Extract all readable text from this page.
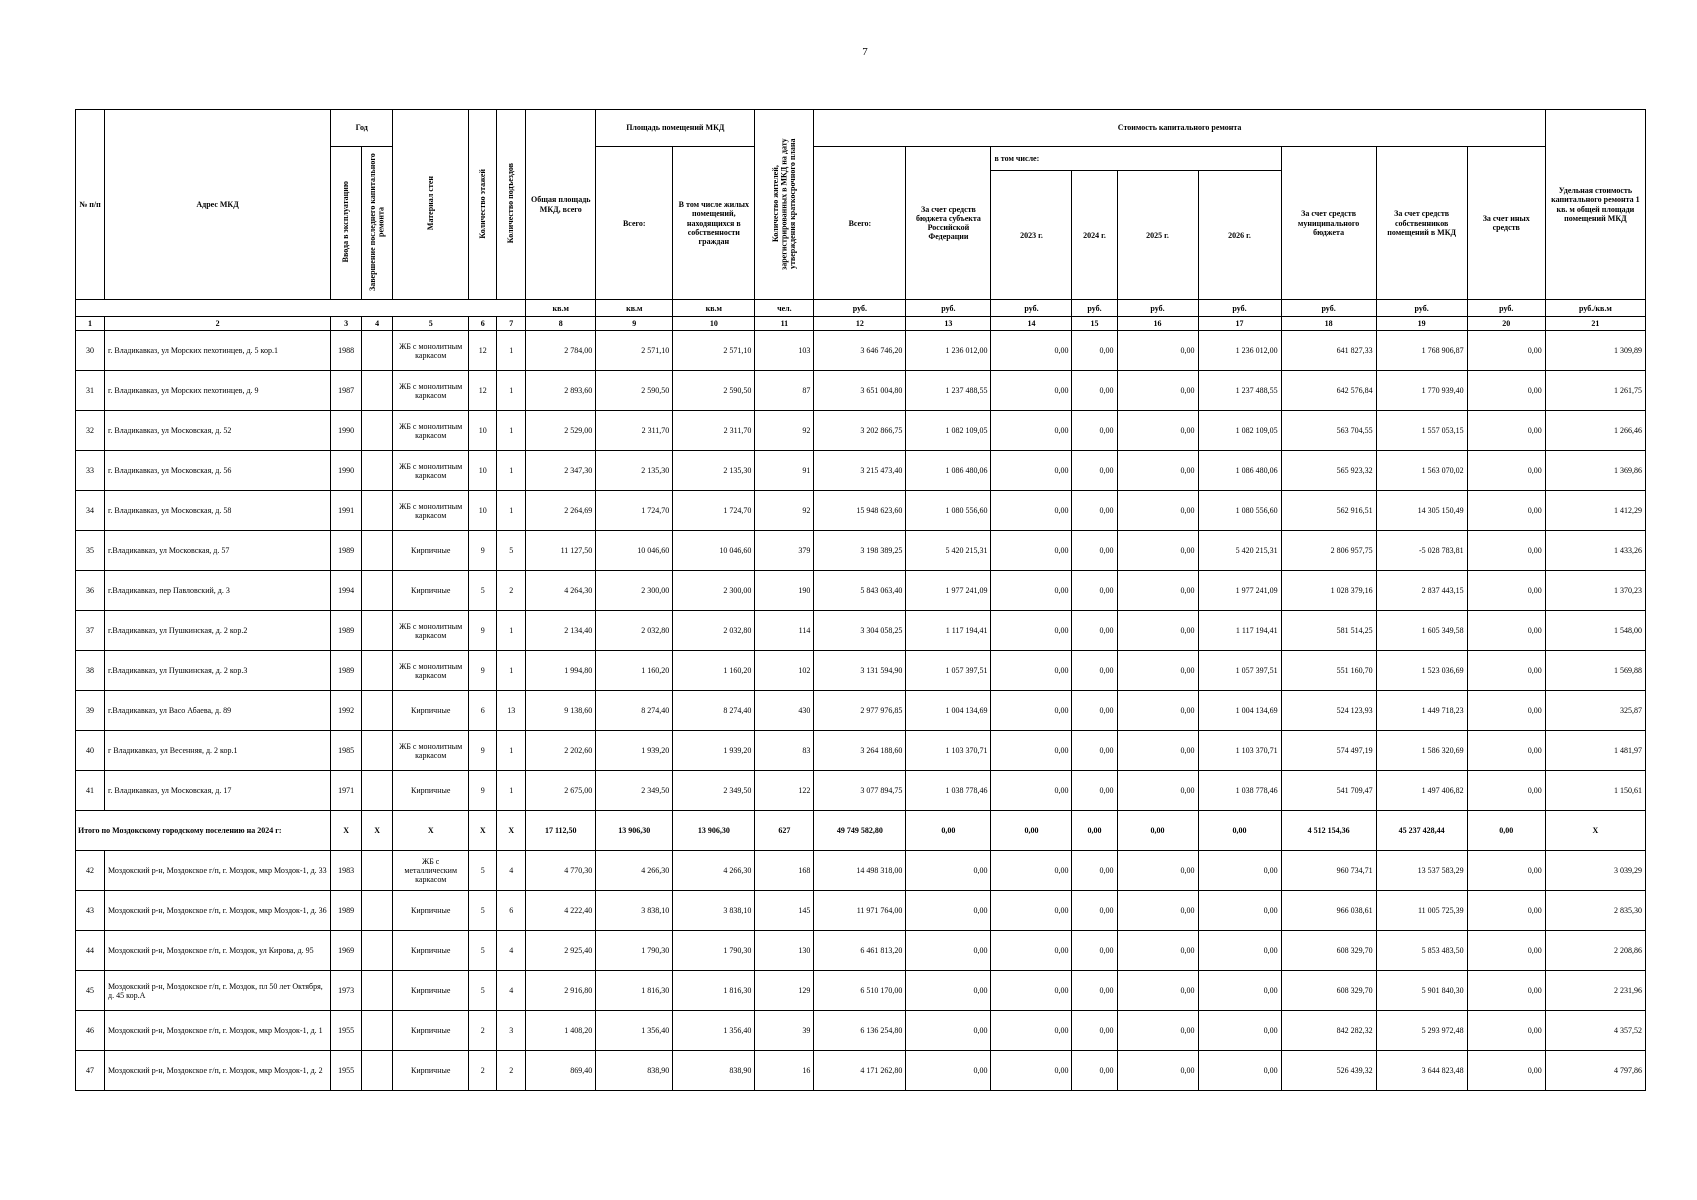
7
№ п/п	Адрес МКД	Год		Материал стен	Количество этажей	Количество подъездов	Общая площадь МКД, всего	Площадь помещений МКД		Количество жителей, зарегистрированных в МКД на дату утверждения краткосрочного плана	Стоимость капитального ремонта									Удельная стоимость капитального ремонта 1 кв. м общей площади помещений МКД
		Ввода в эксплуатацию	Завершение последнего капитального ремонта					Всего:	В том числе жилых помещений, находящихся в собственности граждан		Всего:	За счет средств бюджета субъекта Российской Федерации	в том числе:				За счет средств муниципального бюджета	За счет средств собственников помещений в МКД	За счет иных средств	
													2023 г.	2024 г.	2025 г.	2026 г.				
							кв.м	кв.м	кв.м	чел.	руб.	руб.	руб.	руб.	руб.	руб.	руб.	руб.	руб.	руб./кв.м
1	2	3	4	5	6	7	8	9	10	11	12	13	14	15	16	17	18	19	20	21
30	г. Владикавказ, ул Морских пехотинцев, д. 5 кор.1	1988		ЖБ с монолитным каркасом	12	1	2 784,00	2 571,10	2 571,10	103	3 646 746,20	1 236 012,00	0,00	0,00	0,00	1 236 012,00	641 827,33	1 768 906,87	0,00	1 309,89
31	г. Владикавказ, ул Морских пехотинцев, д. 9	1987		ЖБ с монолитным каркасом	12	1	2 893,60	2 590,50	2 590,50	87	3 651 004,80	1 237 488,55	0,00	0,00	0,00	1 237 488,55	642 576,84	1 770 939,40	0,00	1 261,75
32	г. Владикавказ, ул Московская, д. 52	1990		ЖБ с монолитным каркасом	10	1	2 529,00	2 311,70	2 311,70	92	3 202 866,75	1 082 109,05	0,00	0,00	0,00	1 082 109,05	563 704,55	1 557 053,15	0,00	1 266,46
33	г. Владикавказ, ул Московская, д. 56	1990		ЖБ с монолитным каркасом	10	1	2 347,30	2 135,30	2 135,30	91	3 215 473,40	1 086 480,06	0,00	0,00	0,00	1 086 480,06	565 923,32	1 563 070,02	0,00	1 369,86
34	г. Владикавказ, ул Московская, д. 58	1991		ЖБ с монолитным каркасом	10	1	2 264,69	1 724,70	1 724,70	92	15 948 623,60	1 080 556,60	0,00	0,00	0,00	1 080 556,60	562 916,51	14 305 150,49	0,00	1 412,29
35	г.Владикавказ, ул Московская, д. 57	1989		Кирпичные	9	5	11 127,50	10 046,60	10 046,60	379	3 198 389,25	5 420 215,31	0,00	0,00	0,00	5 420 215,31	2 806 957,75	-5 028 783,81	0,00	1 433,26
36	г.Владикавказ, пер Павловский, д. 3	1994		Кирпичные	5	2	4 264,30	2 300,00	2 300,00	190	5 843 063,40	1 977 241,09	0,00	0,00	0,00	1 977 241,09	1 028 379,16	2 837 443,15	0,00	1 370,23
37	г.Владикавказ, ул Пушкинская, д. 2 кор.2	1989		ЖБ с монолитным каркасом	9	1	2 134,40	2 032,80	2 032,80	114	3 304 058,25	1 117 194,41	0,00	0,00	0,00	1 117 194,41	581 514,25	1 605 349,58	0,00	1 548,00
38	г.Владикавказ, ул Пушкинская, д. 2 кор.3	1989		ЖБ с монолитным каркасом	9	1	1 994,80	1 160,20	1 160,20	102	3 131 594,90	1 057 397,51	0,00	0,00	0,00	1 057 397,51	551 160,70	1 523 036,69	0,00	1 569,88
39	г.Владикавказ, ул Васо Абаева, д. 89	1992		Кирпичные	6	13	9 138,60	8 274,40	8 274,40	430	2 977 976,85	1 004 134,69	0,00	0,00	0,00	1 004 134,69	524 123,93	1 449 718,23	0,00	325,87
40	г Владикавказ, ул Весенняя, д. 2 кор.1	1985		ЖБ с монолитным каркасом	9	1	2 202,60	1 939,20	1 939,20	83	3 264 188,60	1 103 370,71	0,00	0,00	0,00	1 103 370,71	574 497,19	1 586 320,69	0,00	1 481,97
41	г. Владикавказ, ул Московская, д. 17	1971		Кирпичные	9	1	2 675,00	2 349,50	2 349,50	122	3 077 894,75	1 038 778,46	0,00	0,00	0,00	1 038 778,46	541 709,47	1 497 406,82	0,00	1 150,61
Итого по Моздокскому городскому поселению на 2024 г:		X	X	X	X	X	17 112,50	13 906,30	13 906,30	627	49 749 582,80	0,00	0,00	0,00	0,00	0,00	4 512 154,36	45 237 428,44	0,00	X
42	Моздокский р-н, Моздокское г/п, г. Моздок, мкр Моздок-1, д. 33	1983		ЖБ с металлическим каркасом	5	4	4 770,30	4 266,30	4 266,30	168	14 498 318,00	0,00	0,00	0,00	0,00	0,00	960 734,71	13 537 583,29	0,00	3 039,29
43	Моздокский р-н, Моздокское г/п, г. Моздок, мкр Моздок-1, д. 36	1989		Кирпичные	5	6	4 222,40	3 838,10	3 838,10	145	11 971 764,00	0,00	0,00	0,00	0,00	0,00	966 038,61	11 005 725,39	0,00	2 835,30
44	Моздокский р-н, Моздокское г/п, г. Моздок, ул Кирова, д. 95	1969		Кирпичные	5	4	2 925,40	1 790,30	1 790,30	130	6 461 813,20	0,00	0,00	0,00	0,00	0,00	608 329,70	5 853 483,50	0,00	2 208,86
45	Моздокский р-н, Моздокское г/п, г. Моздок, пл 50 лет Октября, д. 45 кор.А	1973		Кирпичные	5	4	2 916,80	1 816,30	1 816,30	129	6 510 170,00	0,00	0,00	0,00	0,00	0,00	608 329,70	5 901 840,30	0,00	2 231,96
46	Моздокский р-н, Моздокское г/п, г. Моздок, мкр Моздок-1, д. 1	1955		Кирпичные	2	3	1 408,20	1 356,40	1 356,40	39	6 136 254,80	0,00	0,00	0,00	0,00	0,00	842 282,32	5 293 972,48	0,00	4 357,52
47	Моздокский р-н, Моздокское г/п, г. Моздок, мкр Моздок-1, д. 2	1955		Кирпичные	2	2	869,40	838,90	838,90	16	4 171 262,80	0,00	0,00	0,00	0,00	0,00	526 439,32	3 644 823,48	0,00	4 797,86
